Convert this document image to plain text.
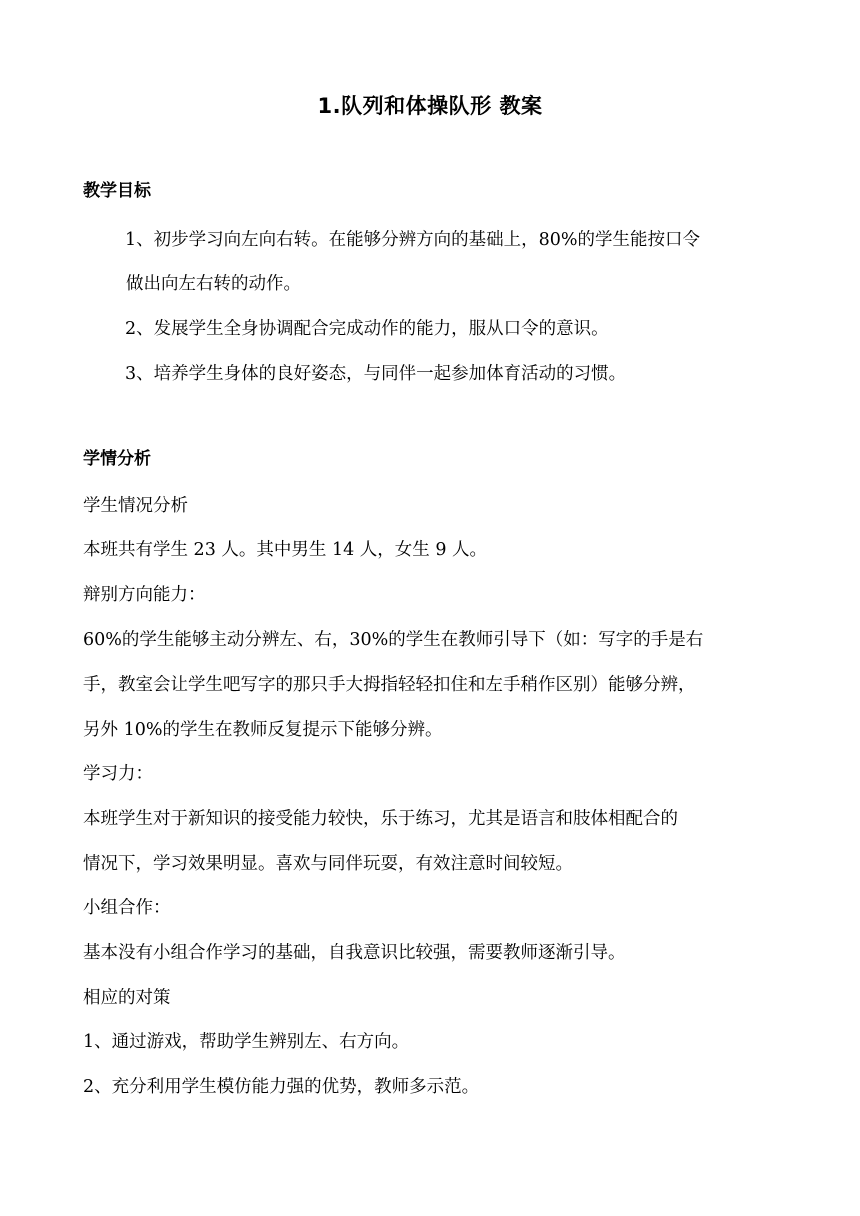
1.队列和体操队形 教案
教学目标
1、初步学习向左向右转。在能够分辨方向的基础上，80%的学生能按口令
做出向左右转的动作。
2、发展学生全身协调配合完成动作的能力，服从口令的意识。
3、培养学生身体的良好姿态，与同伴一起参加体育活动的习惯。
学情分析
学生情况分析
本班共有学生 23 人。其中男生 14 人，女生 9 人。
辩别方向能力：
60%的学生能够主动分辨左、右，30%的学生在教师引导下（如：写字的手是右
手，教室会让学生吧写字的那只手大拇指轻轻扣住和左手稍作区别）能够分辨，
另外 10%的学生在教师反复提示下能够分辨。
学习力：
本班学生对于新知识的接受能力较快，乐于练习，尤其是语言和肢体相配合的
情况下，学习效果明显。喜欢与同伴玩耍，有效注意时间较短。
小组合作：
基本没有小组合作学习的基础，自我意识比较强，需要教师逐渐引导。
相应的对策
1、通过游戏，帮助学生辨别左、右方向。
2、充分利用学生模仿能力强的优势，教师多示范。
